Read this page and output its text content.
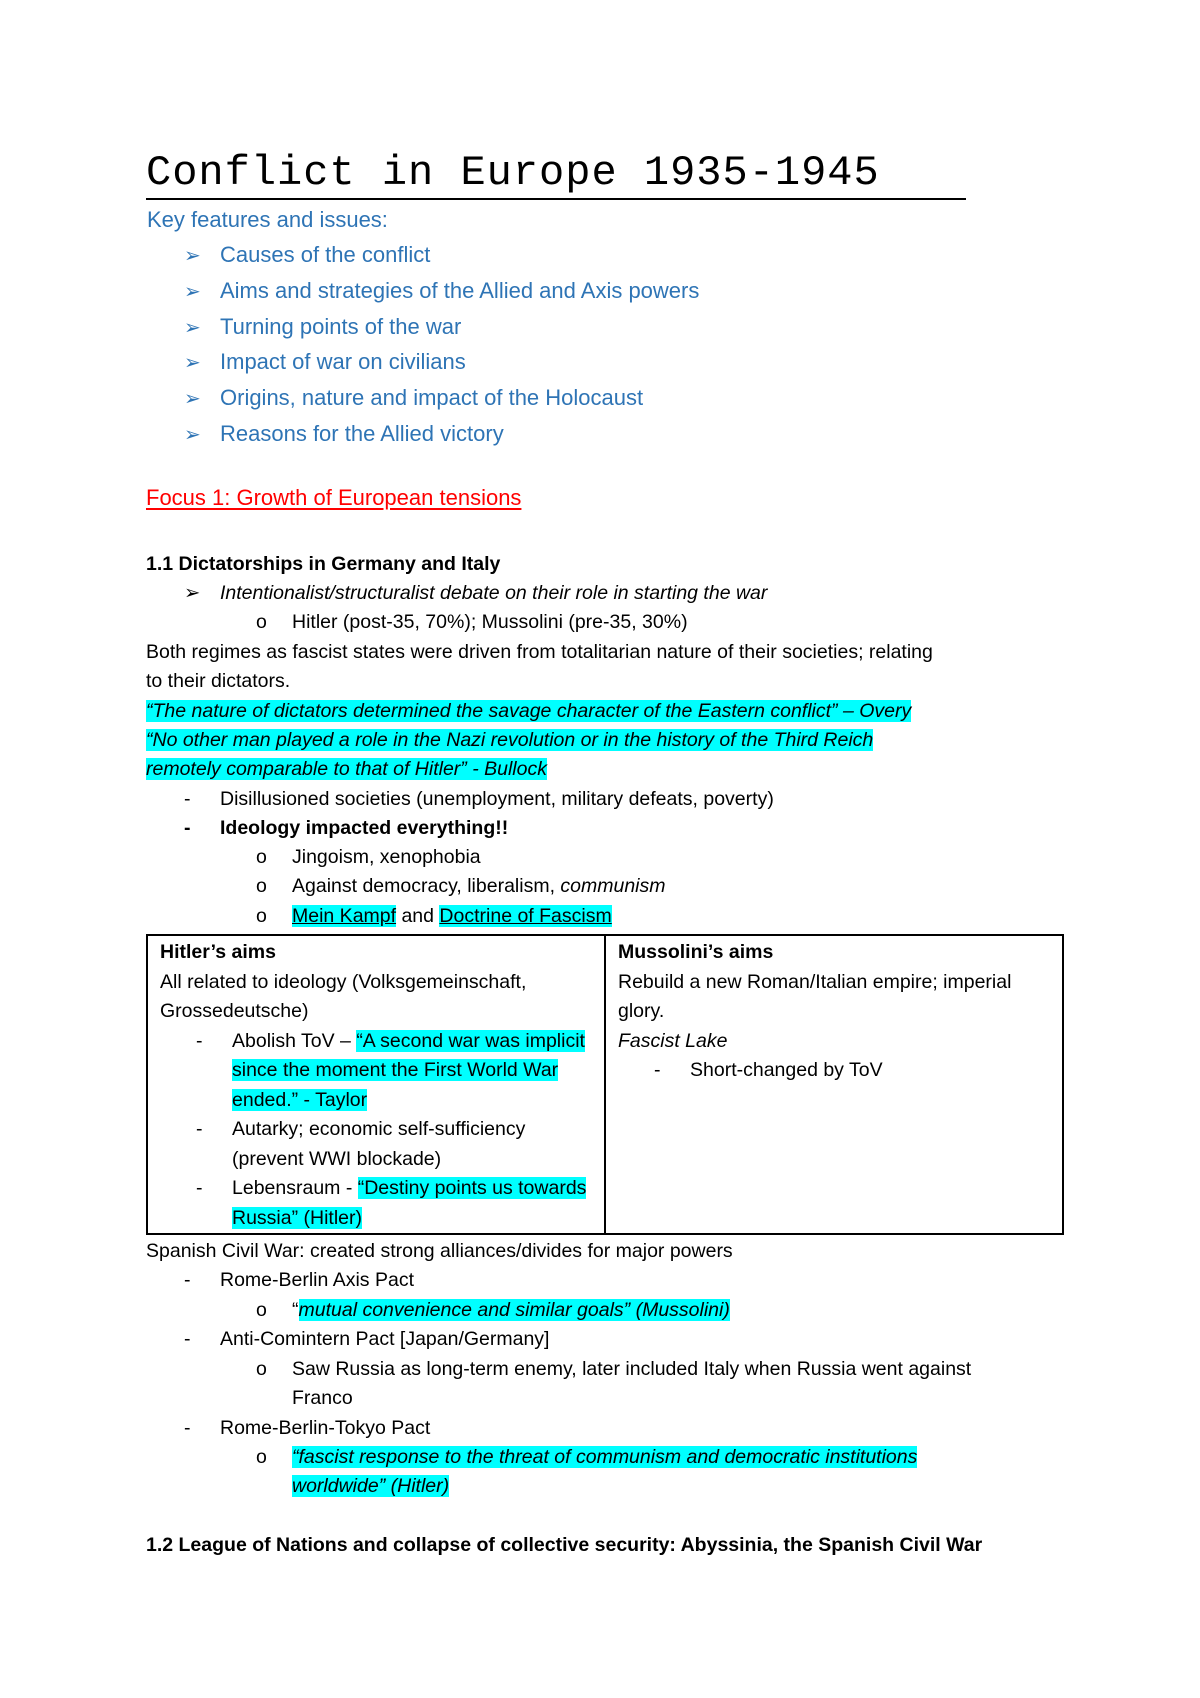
Conflict in Europe 1935-1945
Key features and issues:
➢ Causes of the conflict
➢ Aims and strategies of the Allied and Axis powers
➢ Turning points of the war
➢ Impact of war on civilians
➢ Origins, nature and impact of the Holocaust
➢ Reasons for the Allied victory
Focus 1: Growth of European tensions
1.1 Dictatorships in Germany and Italy
➢ Intentionalist/structuralist debate on their role in starting the war
o Hitler (post-35, 70%); Mussolini (pre-35, 30%)
Both regimes as fascist states were driven from totalitarian nature of their societies; relating
to their dictators.
“The nature of dictators determined the savage character of the Eastern conflict” – Overy
“No other man played a role in the Nazi revolution or in the history of the Third Reich
remotely comparable to that of Hitler” - Bullock
- Disillusioned societies (unemployment, military defeats, poverty)
- Ideology impacted everything!!
o Jingoism, xenophobia
o Against democracy, liberalism, communism
o Mein Kampf and Doctrine of Fascism
Hitler’s aims
All related to ideology (Volksgemeinschaft, Grossedeutsche)
-	Abolish ToV – “A second war was implicit since the moment the First World War ended.” - Taylor
-	Autarky; economic self-sufficiency (prevent WWI blockade)
-	Lebensraum - “Destiny points us towards Russia” (Hitler)

Mussolini’s aims
Rebuild a new Roman/Italian empire; imperial glory.
Fascist Lake
-	Short-changed by ToV
Spanish Civil War: created strong alliances/divides for major powers
- Rome-Berlin Axis Pact
o “mutual convenience and similar goals” (Mussolini)
- Anti-Comintern Pact [Japan/Germany]
o Saw Russia as long-term enemy, later included Italy when Russia went against
Franco
- Rome-Berlin-Tokyo Pact
o “fascist response to the threat of communism and democratic institutions
worldwide” (Hitler)
1.2 League of Nations and collapse of collective security: Abyssinia, the Spanish Civil War
